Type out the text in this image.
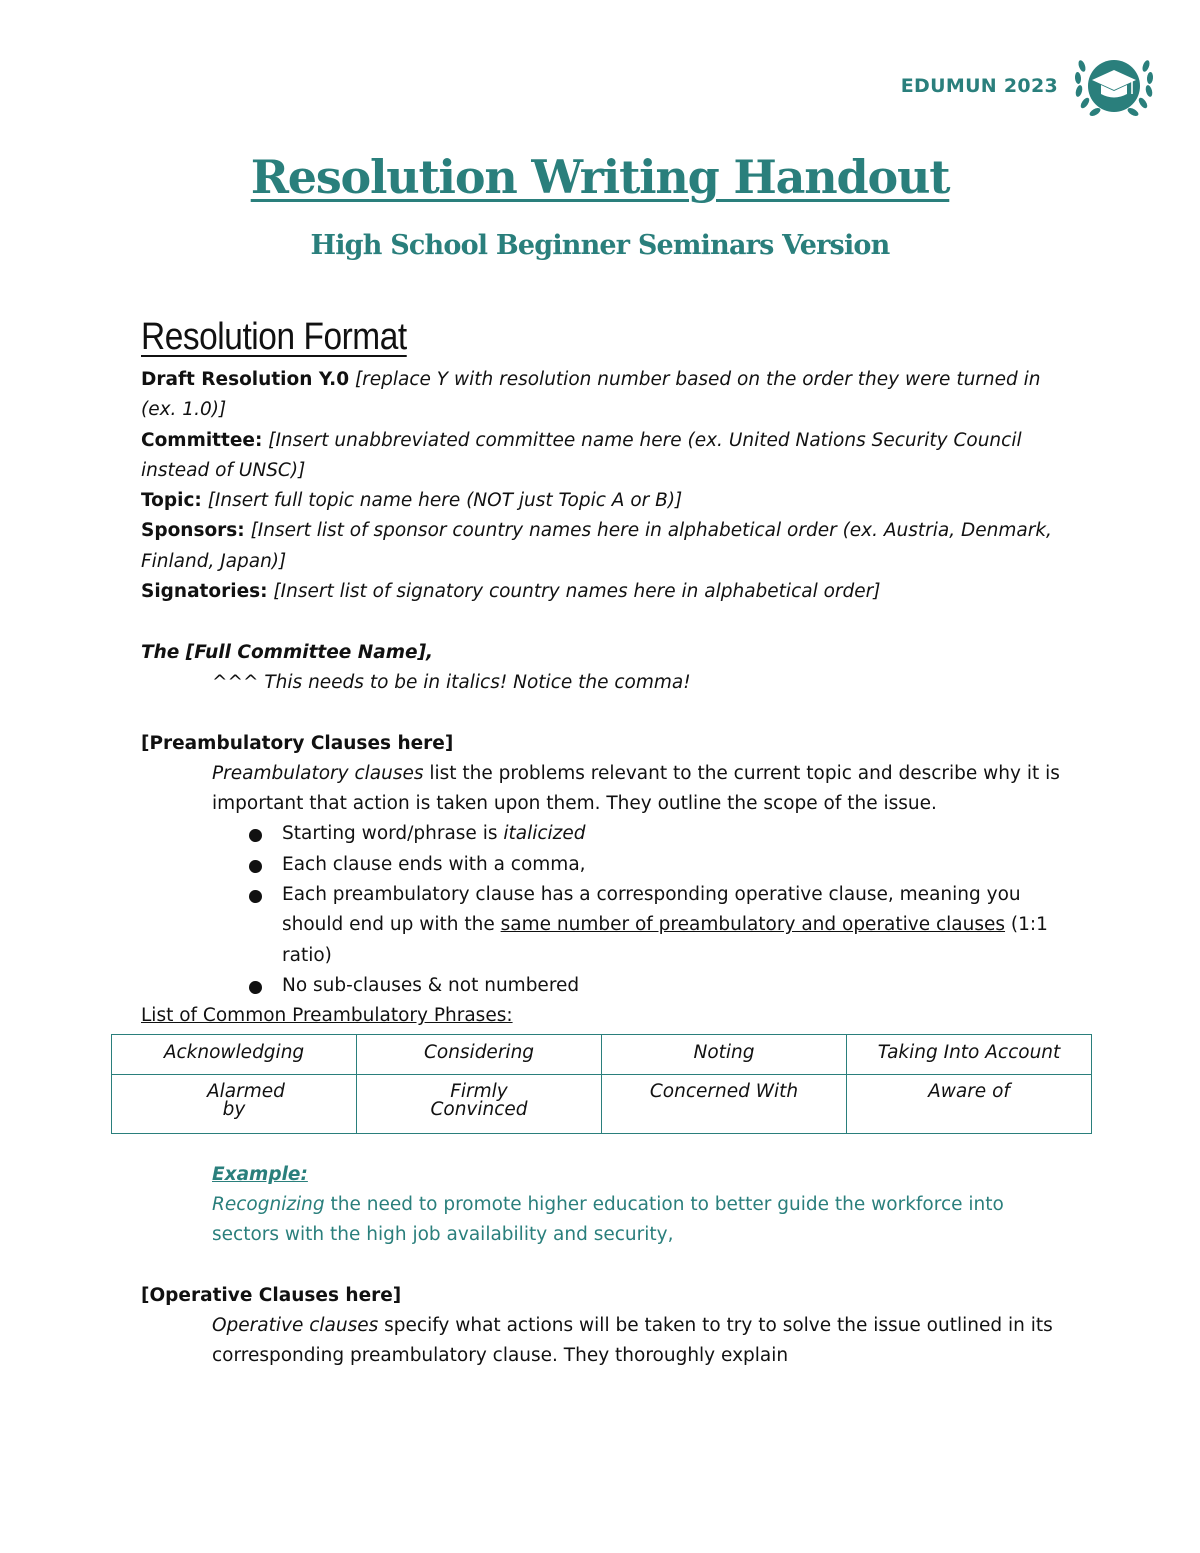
EDUMUN 2023
Resolution Writing Handout
High School Beginner Seminars Version
Resolution Format

Draft Resolution Y.0 [replace Y with resolution number based on the order they were turned in (ex. 1.0)]

Committee: [Insert unabbreviated committee name here (ex. United Nations Security Council instead of UNSC)]

Topic: [Insert full topic name here (NOT just Topic A or B)]

Sponsors: [Insert list of sponsor country names here in alphabetical order (ex. Austria, Denmark, Finland, Japan)]

Signatories: [Insert list of signatory country names here in alphabetical order]

The [Full Committee Name],

^^^ This needs to be in italics! Notice the comma!

[Preambulatory Clauses here]

Preambulatory clauses list the problems relevant to the current topic and describe why it is important that action is taken upon them. They outline the scope of the issue.

Starting word/phrase is italicized
Each clause ends with a comma,
Each preambulatory clause has a corresponding operative clause, meaning you should end up with the same number of preambulatory and operative clauses (1:1 ratio)
No sub-clauses & not numbered

List of Common Preambulatory Phrases:

Acknowledging	Considering	Noting	Taking Into Account
Alarmed by	Firmly Convinced	Concerned With	Aware of

Example:

Recognizing the need to promote higher education to better guide the workforce into sectors with the high job availability and security,

[Operative Clauses here]

Operative clauses specify what actions will be taken to try to solve the issue outlined in its corresponding preambulatory clause. They thoroughly explain
